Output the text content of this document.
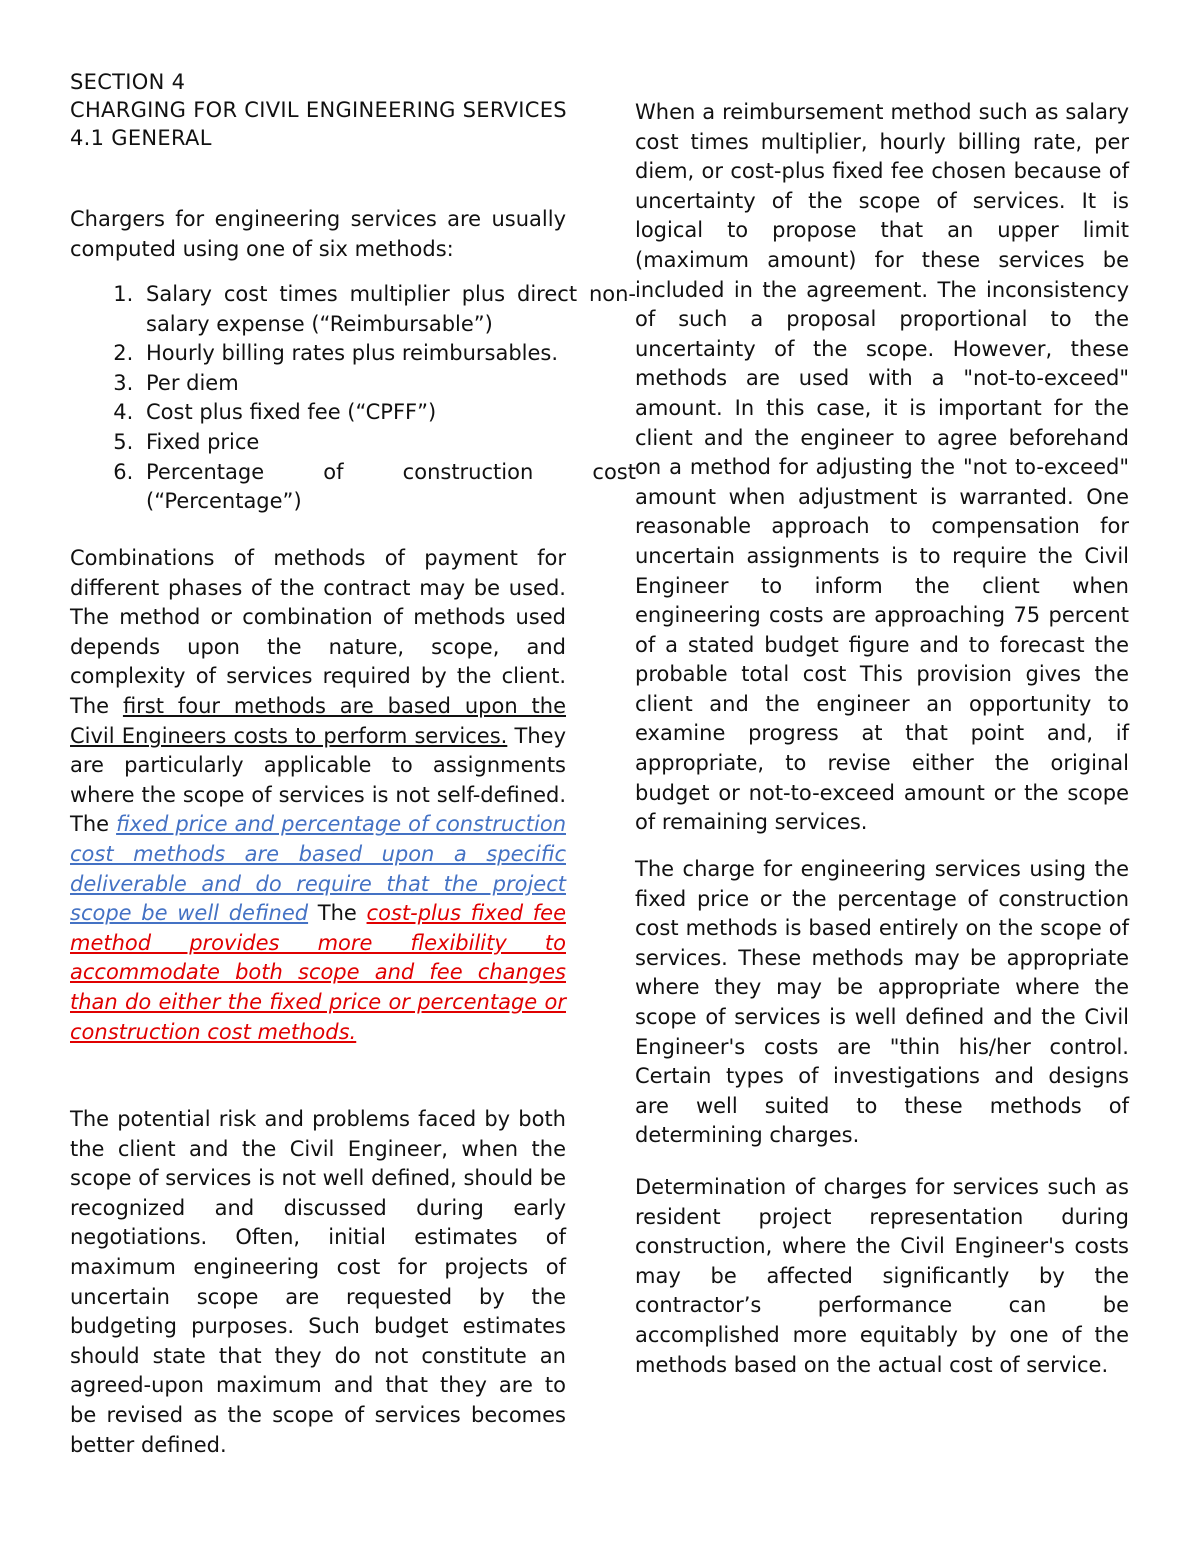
SECTION 4
CHARGING FOR CIVIL ENGINEERING SERVICES
4.1 GENERAL

Chargers for engineering services are usually computed using one of six methods:

1. Salary cost times multiplier plus direct non-salary expense (“Reimbursable”)
2. Hourly billing rates plus reimbursables.
3. Per diem
4. Cost plus fixed fee (“CPFF”)
5. Fixed price
6. Percentage of construction cost (“Percentage”)

Combinations of methods of payment for different phases of the contract may be used. The method or combination of methods used depends upon the nature, scope, and complexity of services required by the client. The first four methods are based upon the Civil Engineers costs to perform services. They are particularly applicable to assignments where the scope of services is not self-defined. The fixed price and percentage of construction cost methods are based upon a specific deliverable and do require that the project scope be well defined The cost-plus fixed fee method provides more flexibility to accommodate both scope and fee changes than do either the fixed price or percentage or construction cost methods.

The potential risk and problems faced by both the client and the Civil Engineer, when the scope of services is not well defined, should be recognized and discussed during early negotiations. Often, initial estimates of maximum engineering cost for projects of uncertain scope are requested by the budgeting purposes. Such budget estimates should state that they do not constitute an agreed-upon maximum and that they are to be revised as the scope of services becomes better defined.

When a reimbursement method such as salary cost times multiplier, hourly billing rate, per diem, or cost-plus fixed fee chosen because of uncertainty of the scope of services. It is logical to propose that an upper limit (maximum amount) for these services be included in the agreement. The inconsistency of such a proposal proportional to the uncertainty of the scope. However, these methods are used with a "not-to-exceed" amount. In this case, it is important for the client and the engineer to agree beforehand on a method for adjusting the "not to-exceed" amount when adjustment is warranted. One reasonable approach to compensation for uncertain assignments is to require the Civil Engineer to inform the client when engineering costs are approaching 75 percent of a stated budget figure and to forecast the probable total cost This provision gives the client and the engineer an opportunity to examine progress at that point and, if appropriate, to revise either the original budget or not-to-exceed amount or the scope of remaining services.

The charge for engineering services using the fixed price or the percentage of construction cost methods is based entirely on the scope of services. These methods may be appropriate where they may be appropriate where the scope of services is well defined and the Civil Engineer's costs are "thin his/her control. Certain types of investigations and designs are well suited to these methods of determining charges.

Determination of charges for services such as resident project representation during construction, where the Civil Engineer's costs may be affected significantly by the contractor’s performance can be accomplished more equitably by one of the methods based on the actual cost of service.
